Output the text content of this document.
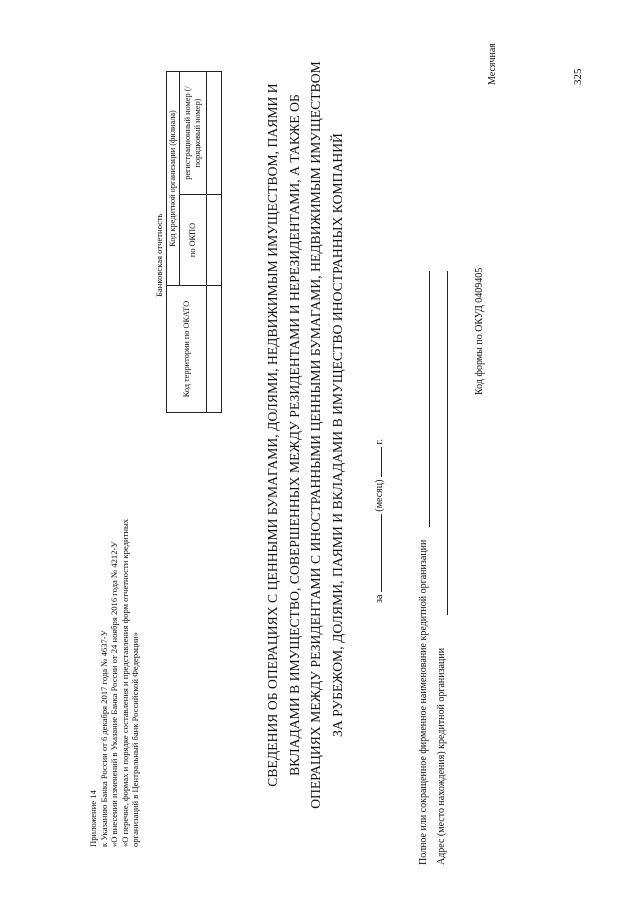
Приложение 14 к Указанию Банка России от 6 декабря 2017 года № 4637-У «О внесении изменений в Указание Банка России от 24 ноября 2016 года № 4212-У «О перечне, формах и порядке составления и представления форм отчетности кредитных организаций в Центральный банк Российской Федерации»
Банковская отчетность
Код территории по ОКАТО	Код кредитной организации (филиала)	
	по ОКПО	регистрационный номер (/порядковый номер)
			СВЕДЕНИЯ ОБ ОПЕРАЦИЯХ С ЦЕННЫМИ БУМАГАМИ, ДОЛЯМИ, НЕДВИЖИМЫМ ИМУЩЕСТВОМ, ПАЯМИ И ВКЛАДАМИ В ИМУЩЕСТВО, СОВЕРШЕННЫХ МЕЖДУ РЕЗИДЕНТАМИ И НЕРЕЗИДЕНТАМИ, А ТАКЖЕ ОБ ОПЕРАЦИЯХ МЕЖДУ РЕЗИДЕНТАМИ С ИНОСТРАННЫМИ ЦЕННЫМИ БУМАГАМИ, НЕДВИЖИМЫМ ИМУЩЕСТВОМ ЗА РУБЕЖОМ, ДОЛЯМИ, ПАЯМИ И ВКЛАДАМИ В ИМУЩЕСТВО ИНОСТРАННЫХ КОМПАНИЙ	за  (месяц)  г.
Полное или сокращенное фирменное наименование кредитной организации Адрес (место нахождения) кредитной организации
Код формы по ОКУД 0409405
Месячная	325
